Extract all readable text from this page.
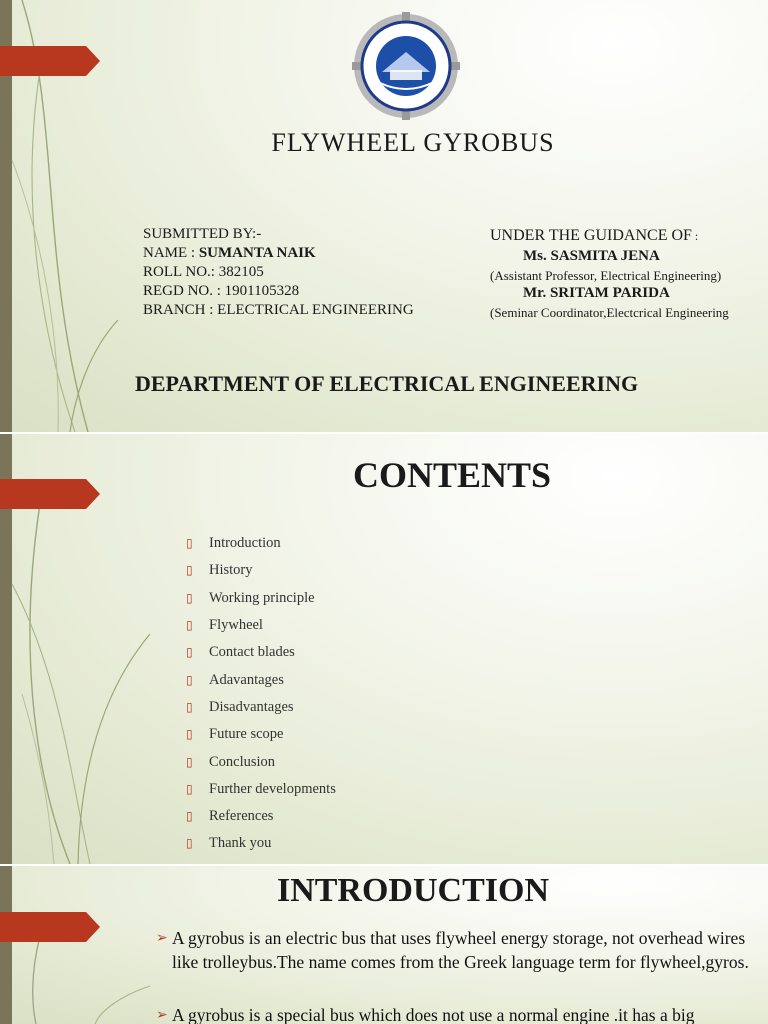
FLYWHEEL GYROBUS
SUBMITTED BY:-
NAME : SUMANTA NAIK
ROLL NO.: 382105
REGD NO. : 1901105328
BRANCH : ELECTRICAL ENGINEERING
UNDER THE GUIDANCE OF :
Ms. SASMITA JENA
(Assistant Professor, Electrical Engineering)
Mr. SRITAM PARIDA
(Seminar Coordinator,Electcrical Engineering
DEPARTMENT OF ELECTRICAL ENGINEERING
CONTENTS
▯	Introduction
▯	History
▯	Working principle
▯	Flywheel
▯	Contact blades
▯	Adavantages
▯	Disadvantages
▯	Future scope
▯	Conclusion
▯	Further developments
▯	References
▯	Thank you
INTRODUCTION
➢ A gyrobus is an electric bus that uses flywheel energy storage, not overhead wires like trolleybus.The name comes from the Greek language term for flywheel,gyros.
➢ A gyrobus is a special bus which does not use a normal engine .it has a big
